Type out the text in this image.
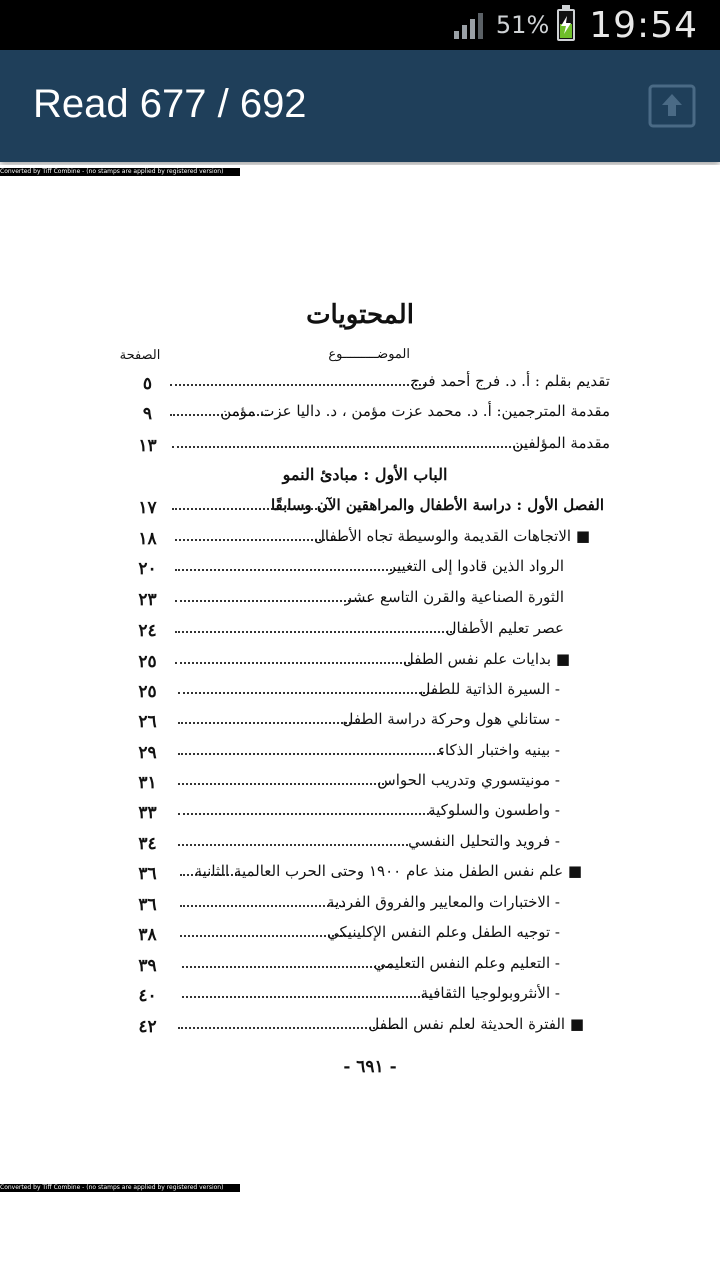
51% 19:54
Read 677 / 692
Converted by Tiff Combine - (no stamps are applied by registered version)
المحتويات
الموضـــــــــوع
الصفحة
٥	تقديم بقلم : أ. د. فرج أحمد فرج
٩	مقدمة المترجمين: أ. د. محمد عزت مؤمن ، د. داليا عزت مؤمن
١٣	مقدمة المؤلفين
الباب الأول : مبادئ النمو
١٧	الفصل الأول : دراسة الأطفال والمراهقين الآن وسابقًا
١٨	■ الاتجاهات القديمة والوسيطة تجاه الأطفال
٢٠	الرواد الذين قادوا إلى التغيير
٢٣	الثورة الصناعية والقرن التاسع عشر
٢٤	عصر تعليم الأطفال
٢٥	■ بدايات علم نفس الطفل
٢٥	- السيرة الذاتية للطفل
٢٦	- ستانلي هول وحركة دراسة الطفل
٢٩	- بينيه واختبار الذكاء
٣١	- مونيتسوري وتدريب الحواس
٣٣	- واطسون والسلوكية
٣٤	- فرويد والتحليل النفسي
٣٦	■ علم نفس الطفل منذ عام ١٩٠٠ وحتى الحرب العالمية الثانية
٣٦	- الاختبارات والمعايير والفروق الفردية
٣٨	- توجيه الطفل وعلم النفس الإكلينيكي
٣٩	- التعليم وعلم النفس التعليمي
٤٠	- الأنثروبولوجيا الثقافية
٤٢	■ الفترة الحديثة لعلم نفس الطفل
- ٦٩١ -
Converted by Tiff Combine - (no stamps are applied by registered version)
